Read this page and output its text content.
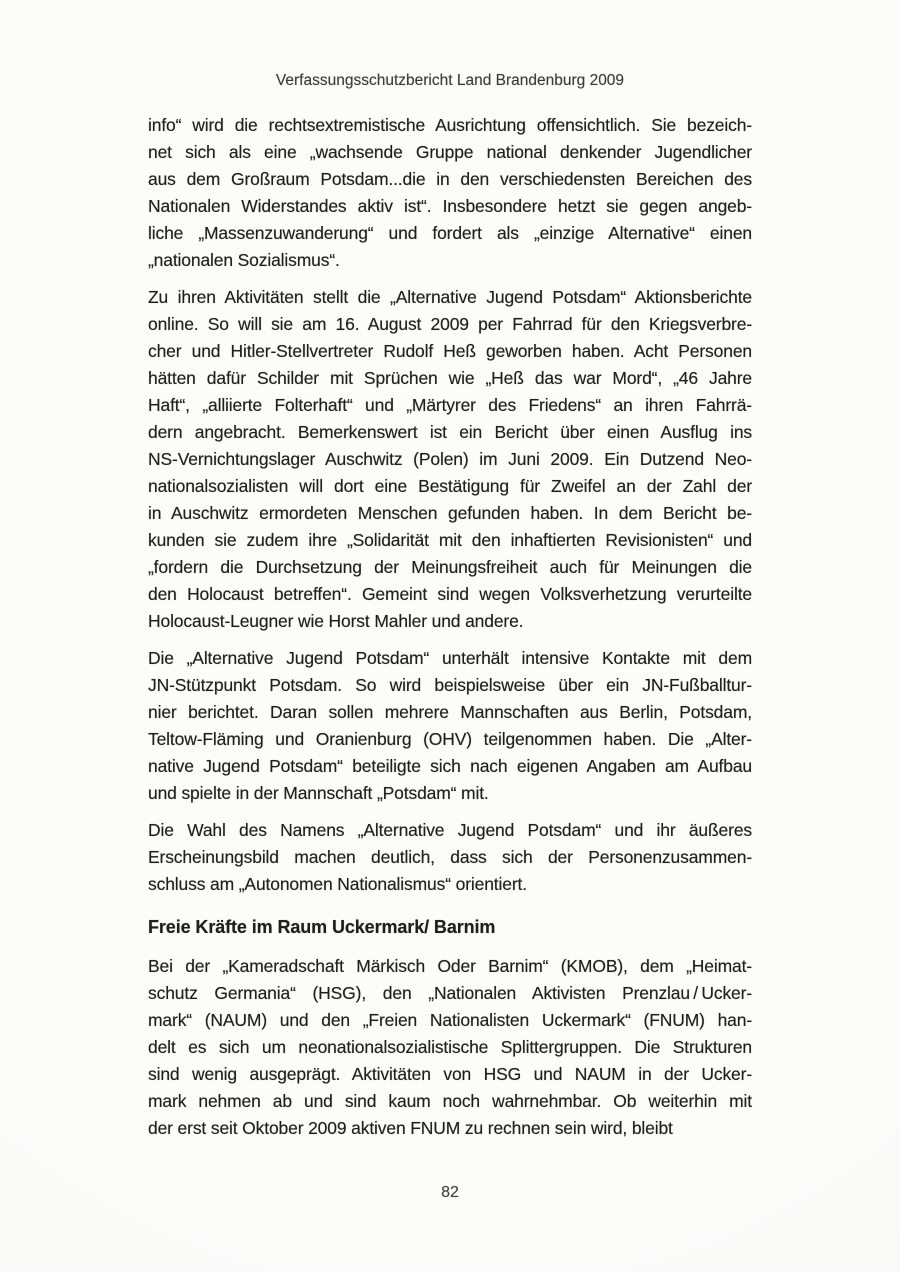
Verfassungsschutzbericht Land Brandenburg 2009
info“ wird die rechtsextremistische Ausrichtung offensichtlich. Sie bezeich-
net sich als eine „wachsende Gruppe national denkender Jugendlicher
aus dem Großraum Potsdam...die in den verschiedensten Bereichen des
Nationalen Widerstandes aktiv ist“. Insbesondere hetzt sie gegen angeb-
liche „Massenzuwanderung“ und fordert als „einzige Alternative“ einen
„nationalen Sozialismus“.
Zu ihren Aktivitäten stellt die „Alternative Jugend Potsdam“ Aktionsberichte
online. So will sie am 16. August 2009 per Fahrrad für den Kriegsverbre-
cher und Hitler-Stellvertreter Rudolf Heß geworben haben. Acht Personen
hätten dafür Schilder mit Sprüchen wie „Heß das war Mord“, „46 Jahre
Haft“, „alliierte Folterhaft“ und „Märtyrer des Friedens“ an ihren Fahrrä-
dern angebracht. Bemerkenswert ist ein Bericht über einen Ausflug ins
NS-Vernichtungslager Auschwitz (Polen) im Juni 2009. Ein Dutzend Neo-
nationalsozialisten will dort eine Bestätigung für Zweifel an der Zahl der
in Auschwitz ermordeten Menschen gefunden haben. In dem Bericht be-
kunden sie zudem ihre „Solidarität mit den inhaftierten Revisionisten“ und
„fordern die Durchsetzung der Meinungsfreiheit auch für Meinungen die
den Holocaust betreffen“. Gemeint sind wegen Volksverhetzung verurteilte
Holocaust-Leugner wie Horst Mahler und andere.
Die „Alternative Jugend Potsdam“ unterhält intensive Kontakte mit dem
JN-Stützpunkt Potsdam. So wird beispielsweise über ein JN-Fußballtur-
nier berichtet. Daran sollen mehrere Mannschaften aus Berlin, Potsdam,
Teltow-Fläming und Oranienburg (OHV) teilgenommen haben. Die „Alter-
native Jugend Potsdam“ beteiligte sich nach eigenen Angaben am Aufbau
und spielte in der Mannschaft „Potsdam“ mit.
Die Wahl des Namens „Alternative Jugend Potsdam“ und ihr äußeres
Erscheinungsbild machen deutlich, dass sich der Personenzusammen-
schluss am „Autonomen Nationalismus“ orientiert.
Freie Kräfte im Raum Uckermark/ Barnim
Bei der „Kameradschaft Märkisch Oder Barnim“ (KMOB), dem „Heimat-
schutz Germania“ (HSG), den „Nationalen Aktivisten Prenzlau / Ucker-
mark“ (NAUM) und den „Freien Nationalisten Uckermark“ (FNUM) han-
delt es sich um neonationalsozialistische Splittergruppen. Die Strukturen
sind wenig ausgeprägt. Aktivitäten von HSG und NAUM in der Ucker-
mark nehmen ab und sind kaum noch wahrnehmbar. Ob weiterhin mit
der erst seit Oktober 2009 aktiven FNUM zu rechnen sein wird, bleibt
82
